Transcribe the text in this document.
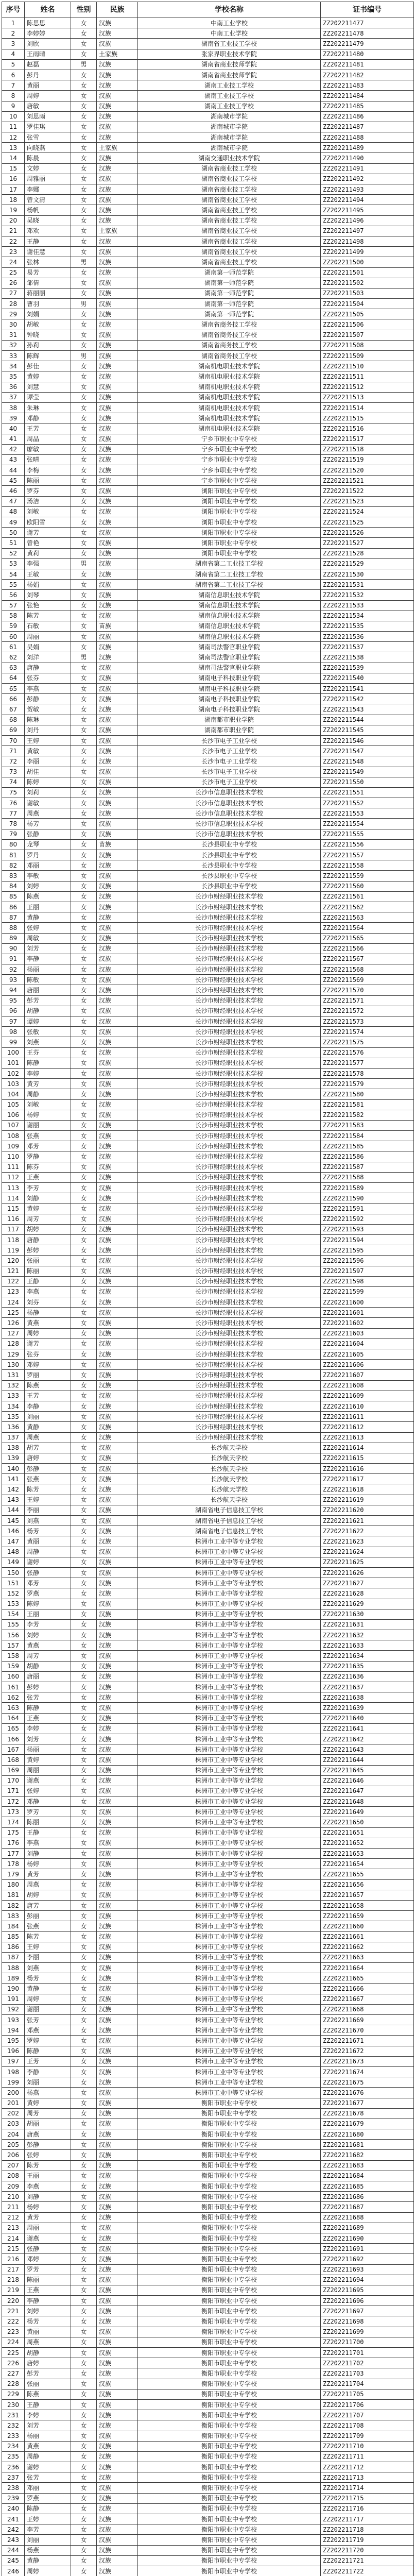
序号	姓名	性别	民族	学校名称	证书编号
1	陈思思	女	汉族	中南工业学校	ZZ202211477
2	李婷婷	女	汉族	中南工业学校	ZZ202211478
3	刘欣	女	汉族	湖南省工业技工学校	ZZ202211479
4	王雨晴	女	土家族	张家界职业技术学院	ZZ202211480
5	赵磊	男	汉族	湖南省商业技师学院	ZZ202211481
6	彭丹	女	汉族	湖南省商业技师学院	ZZ202211482
7	黄丽	女	汉族	湖南工业技工学校	ZZ202211483
8	周婷	女	汉族	湖南工业技工学校	ZZ202211484
9	唐敏	女	汉族	湖南工业技工学校	ZZ202211485
10	刘思雨	女	汉族	湖南城市学院	ZZ202211486
11	罗佳琪	女	汉族	湖南城市学院	ZZ202211487
12	张雪	女	汉族	湖南城市学院	ZZ202211488
13	向晓燕	女	土家族	湖南城市学院	ZZ202211489
14	陈晨	女	汉族	湖南交通职业技术学院	ZZ202211490
15	文婷	女	汉族	湖南省商业技工学校	ZZ202211491
16	周雅丽	女	汉族	湖南省商业技工学校	ZZ202211492
17	李娜	女	汉族	湖南省商业技工学校	ZZ202211493
18	曾文清	女	汉族	湖南省商业技工学校	ZZ202211494
19	杨帆	女	汉族	湖南省商业技工学校	ZZ202211495
20	吴晓	女	汉族	湖南省商业技工学校	ZZ202211496
21	邓欢	女	土家族	湖南省商业技工学校	ZZ202211497
22	王静	女	汉族	湖南省商业技工学校	ZZ202211498
23	谢佳慧	女	汉族	湖南省商业技工学校	ZZ202211499
24	张林	男	汉族	湖南省商业技工学校	ZZ202211500
25	易芳	女	汉族	湖南第一师范学院	ZZ202211501
26	邹倩	女	汉族	湖南第一师范学院	ZZ202211502
27	蒋丽丽	女	汉族	湖南第一师范学院	ZZ202211503
28	曹羽	男	汉族	湖南第一师范学院	ZZ202211504
29	刘娟	女	汉族	湖南第一师范学院	ZZ202211505
30	胡敏	女	汉族	湖南省商务技工学校	ZZ202211506
31	钟晓	女	汉族	湖南省商务技工学校	ZZ202211507
32	孙莉	女	汉族	湖南省商务技工学校	ZZ202211508
33	陈辉	男	汉族	湖南省商务技工学校	ZZ202211509
34	彭佳	女	汉族	湖南机电职业技术学院	ZZ202211510
35	黄婷	女	汉族	湖南机电职业技术学院	ZZ202211511
36	刘慧	女	汉族	湖南机电职业技术学院	ZZ202211512
37	谭莹	女	汉族	湖南机电职业技术学院	ZZ202211513
38	朱琳	女	汉族	湖南机电职业技术学院	ZZ202211514
39	邓静	女	汉族	湖南机电职业技术学院	ZZ202211515
40	王芳	女	汉族	湖南机电职业技术学院	ZZ202211516
41	周晶	女	汉族	宁乡市职业中专学校	ZZ202211517
42	廖敏	女	汉族	宁乡市职业中专学校	ZZ202211518
43	张晴	女	汉族	宁乡市职业中专学校	ZZ202211519
44	李梅	女	汉族	宁乡市职业中专学校	ZZ202211520
45	陈丽	女	汉族	宁乡市职业中专学校	ZZ202211521
46	罗芬	女	汉族	浏阳市职业中专学校	ZZ202211522
47	汤洁	女	汉族	浏阳市职业中专学校	ZZ202211523
48	刘敏	女	汉族	浏阳市职业中专学校	ZZ202211524
49	欧阳雪	女	汉族	浏阳市职业中专学校	ZZ202211525
50	谢芳	女	汉族	浏阳市职业中专学校	ZZ202211526
51	曾艳	女	汉族	浏阳市职业中专学校	ZZ202211527
52	黄莉	女	汉族	浏阳市职业中专学校	ZZ202211528
53	李强	男	汉族	湖南省第二工业技工学校	ZZ202211529
54	王敏	女	汉族	湖南省第二工业技工学校	ZZ202211530
55	杨娟	女	汉族	湖南省第二工业技工学校	ZZ202211531
56	刘琴	女	汉族	湖南信息职业技术学院	ZZ202211532
57	张艳	女	汉族	湖南信息职业技术学院	ZZ202211533
58	陈芳	女	汉族	湖南信息职业技术学院	ZZ202211534
59	石敏	女	苗族	湖南信息职业技术学院	ZZ202211535
60	周丽	女	汉族	湖南信息职业技术学院	ZZ202211536
61	吴娟	女	汉族	湖南司法警官职业学院	ZZ202211537
62	刘洋	男	汉族	湖南司法警官职业学院	ZZ202211538
63	唐静	女	汉族	湖南司法警官职业学院	ZZ202211539
64	张芬	女	汉族	湖南电子科技职业学院	ZZ202211540
65	李燕	女	汉族	湖南电子科技职业学院	ZZ202211541
66	彭静	女	汉族	湖南电子科技职业学院	ZZ202211542
67	贺敏	女	汉族	湖南电子科技职业学院	ZZ202211543
68	陈琳	女	汉族	湖南都市职业学院	ZZ202211544
69	刘丹	女	汉族	湖南都市职业学院	ZZ202211545
70	王婷	女	汉族	长沙市电子工业学校	ZZ202211546
71	黄敏	女	汉族	长沙市电子工业学校	ZZ202211547
72	李丽	女	汉族	长沙市电子工业学校	ZZ202211548
73	胡佳	女	汉族	长沙市电子工业学校	ZZ202211549
74	陈婷	女	汉族	长沙市电子工业学校	ZZ202211550
75	刘莉	女	汉族	长沙市信息职业技术学校	ZZ202211551
76	谢敏	女	汉族	长沙市信息职业技术学校	ZZ202211552
77	周燕	女	汉族	长沙市信息职业技术学校	ZZ202211553
78	杨芳	女	汉族	长沙市信息职业技术学校	ZZ202211554
79	张静	女	汉族	长沙市信息职业技术学校	ZZ202211555
80	龙琴	女	苗族	长沙县职业中专学校	ZZ202211556
81	罗丹	女	汉族	长沙县职业中专学校	ZZ202211557
82	邓丽	女	汉族	长沙县职业中专学校	ZZ202211558
83	李敏	女	汉族	长沙县职业中专学校	ZZ202211559
84	刘婷	女	汉族	长沙县职业中专学校	ZZ202211560
85	陈燕	女	汉族	长沙市财经职业技术学校	ZZ202211561
86	王丽	女	汉族	长沙市财经职业技术学校	ZZ202211562
87	黄静	女	汉族	长沙市财经职业技术学校	ZZ202211563
88	张婷	女	汉族	长沙市财经职业技术学校	ZZ202211564
89	周敏	女	汉族	长沙市财经职业技术学校	ZZ202211565
90	刘芳	女	汉族	长沙市财经职业技术学校	ZZ202211566
91	李静	女	汉族	长沙市财经职业技术学校	ZZ202211567
92	杨丽	女	汉族	长沙市财经职业技术学校	ZZ202211568
93	陈敏	女	汉族	长沙市财经职业技术学校	ZZ202211569
94	唐丽	女	汉族	长沙市财经职业技术学校	ZZ202211570
95	彭芳	女	汉族	长沙市财经职业技术学校	ZZ202211571
96	胡静	女	汉族	长沙市财经职业技术学校	ZZ202211572
97	谭婷	女	汉族	长沙市财经职业技术学校	ZZ202211573
98	张敏	女	汉族	长沙市财经职业技术学校	ZZ202211574
99	刘燕	女	汉族	长沙市财经职业技术学校	ZZ202211575
100	王芬	女	汉族	长沙市财经职业技术学校	ZZ202211576
101	陈静	女	汉族	长沙市财经职业技术学校	ZZ202211577
102	李婷	女	汉族	长沙市财经职业技术学校	ZZ202211578
103	黄芳	女	汉族	长沙市财经职业技术学校	ZZ202211579
104	周静	女	汉族	长沙市财经职业技术学校	ZZ202211580
105	刘敏	女	汉族	长沙市财经职业技术学校	ZZ202211581
106	杨婷	女	汉族	长沙市财经职业技术学校	ZZ202211582
107	谢丽	女	汉族	长沙市财经职业技术学校	ZZ202211583
108	张燕	女	汉族	长沙市财经职业技术学校	ZZ202211584
109	邓芳	女	汉族	长沙市财经职业技术学校	ZZ202211585
110	罗静	女	汉族	长沙市财经职业技术学校	ZZ202211586
111	陈芬	女	汉族	长沙市财经职业技术学校	ZZ202211587
112	王燕	女	汉族	长沙市财经职业技术学校	ZZ202211588
113	李芳	女	汉族	长沙市财经职业技术学校	ZZ202211589
114	刘静	女	汉族	长沙市财经职业技术学校	ZZ202211590
115	黄婷	女	汉族	长沙市财经职业技术学校	ZZ202211591
116	周芳	女	汉族	长沙市财经职业技术学校	ZZ202211592
117	胡婷	女	汉族	长沙市财经职业技术学校	ZZ202211593
118	唐静	女	汉族	长沙市财经职业技术学校	ZZ202211594
119	彭婷	女	汉族	长沙市财经职业技术学校	ZZ202211595
120	张丽	女	汉族	长沙市财经职业技术学校	ZZ202211596
121	陈丽	女	汉族	长沙市财经职业技术学校	ZZ202211597
122	王静	女	汉族	长沙市财经职业技术学校	ZZ202211598
123	李燕	女	汉族	长沙市财经职业技术学校	ZZ202211599
124	刘芬	女	汉族	长沙市财经职业技术学校	ZZ202211600
125	杨静	女	汉族	长沙市财经职业技术学校	ZZ202211601
126	黄燕	女	汉族	长沙市财经职业技术学校	ZZ202211602
127	周婷	女	汉族	长沙市财经职业技术学校	ZZ202211603
128	谢芳	女	汉族	长沙市财经职业技术学校	ZZ202211604
129	张芬	女	汉族	长沙市财经职业技术学校	ZZ202211605
130	邓婷	女	汉族	长沙市财经职业技术学校	ZZ202211606
131	罗丽	女	汉族	长沙市财经职业技术学校	ZZ202211607
132	陈燕	女	汉族	长沙市财经职业技术学校	ZZ202211608
133	王芳	女	汉族	长沙市财经职业技术学校	ZZ202211609
134	李静	女	汉族	长沙市财经职业技术学校	ZZ202211610
135	刘丽	女	汉族	长沙市财经职业技术学校	ZZ202211611
136	黄静	女	汉族	长沙市财经职业技术学校	ZZ202211612
137	周燕	女	汉族	长沙市财经职业技术学校	ZZ202211613
138	胡芳	女	汉族	长沙航天学校	ZZ202211614
139	唐婷	女	汉族	长沙航天学校	ZZ202211615
140	彭静	女	汉族	长沙航天学校	ZZ202211616
141	张燕	女	汉族	长沙航天学校	ZZ202211617
142	陈芳	女	汉族	长沙航天学校	ZZ202211618
143	王婷	女	汉族	长沙航天学校	ZZ202211619
144	李丽	女	汉族	湖南省电子信息技工学校	ZZ202211620
145	刘燕	女	汉族	湖南省电子信息技工学校	ZZ202211621
146	杨芳	女	汉族	湖南省电子信息技工学校	ZZ202211622
147	黄丽	女	汉族	株洲市工业中等专业学校	ZZ202211623
148	周静	女	汉族	株洲市工业中等专业学校	ZZ202211624
149	谢婷	女	汉族	株洲市工业中等专业学校	ZZ202211625
150	张静	女	汉族	株洲市工业中等专业学校	ZZ202211626
151	邓芳	女	汉族	株洲市工业中等专业学校	ZZ202211627
152	罗燕	女	汉族	株洲市工业中等专业学校	ZZ202211628
153	陈婷	女	汉族	株洲市工业中等专业学校	ZZ202211629
154	王丽	女	汉族	株洲市工业中等专业学校	ZZ202211630
155	李芳	女	汉族	株洲市工业中等专业学校	ZZ202211631
156	刘婷	女	汉族	株洲市工业中等专业学校	ZZ202211632
157	黄燕	女	汉族	株洲市工业中等专业学校	ZZ202211633
158	周芳	女	汉族	株洲市工业中等专业学校	ZZ202211634
159	胡静	女	汉族	株洲市工业中等专业学校	ZZ202211635
160	唐丽	女	汉族	株洲市工业中等专业学校	ZZ202211636
161	彭婷	女	汉族	株洲市工业中等专业学校	ZZ202211637
162	张芳	女	汉族	株洲市工业中等专业学校	ZZ202211638
163	陈静	女	汉族	株洲市工业中等专业学校	ZZ202211639
164	王燕	女	汉族	株洲市工业中等专业学校	ZZ202211640
165	李婷	女	汉族	株洲市工业中等专业学校	ZZ202211641
166	刘芳	女	汉族	株洲市工业中等专业学校	ZZ202211642
167	杨丽	女	汉族	株洲市工业中等专业学校	ZZ202211643
168	黄婷	女	汉族	株洲市工业中等专业学校	ZZ202211644
169	周丽	女	汉族	株洲市工业中等专业学校	ZZ202211645
170	谢燕	女	汉族	株洲市工业中等专业学校	ZZ202211646
171	张婷	女	汉族	株洲市工业中等专业学校	ZZ202211647
172	邓静	女	汉族	株洲市工业中等专业学校	ZZ202211648
173	罗芳	女	汉族	株洲市工业中等专业学校	ZZ202211649
174	陈丽	女	汉族	株洲市工业中等专业学校	ZZ202211650
175	王静	女	汉族	株洲市工业中等专业学校	ZZ202211651
176	李燕	女	汉族	株洲市工业中等专业学校	ZZ202211652
177	刘静	女	汉族	株洲市工业中等专业学校	ZZ202211653
178	杨婷	女	汉族	株洲市工业中等专业学校	ZZ202211654
179	黄芳	女	汉族	株洲市工业中等专业学校	ZZ202211655
180	周燕	女	汉族	株洲市工业中等专业学校	ZZ202211656
181	胡婷	女	汉族	株洲市工业中等专业学校	ZZ202211657
182	唐芳	女	汉族	株洲市工业中等专业学校	ZZ202211658
183	彭丽	女	汉族	株洲市工业中等专业学校	ZZ202211659
184	张燕	女	汉族	株洲市工业中等专业学校	ZZ202211660
185	陈芳	女	汉族	株洲市工业中等专业学校	ZZ202211661
186	王婷	女	汉族	株洲市工业中等专业学校	ZZ202211662
187	李丽	女	汉族	株洲市工业中等专业学校	ZZ202211663
188	刘燕	女	汉族	株洲市工业中等专业学校	ZZ202211664
189	杨芳	女	汉族	株洲市工业中等专业学校	ZZ202211665
190	黄静	女	汉族	株洲市工业中等专业学校	ZZ202211666
191	周婷	女	汉族	株洲市工业中等专业学校	ZZ202211667
192	谢丽	女	汉族	株洲市工业中等专业学校	ZZ202211668
193	张芳	女	汉族	株洲市工业中等专业学校	ZZ202211669
194	邓燕	女	汉族	株洲市工业中等专业学校	ZZ202211670
195	罗婷	女	汉族	株洲市工业中等专业学校	ZZ202211671
196	陈静	女	汉族	株洲市工业中等专业学校	ZZ202211672
197	王芳	女	汉族	株洲市工业中等专业学校	ZZ202211673
198	李静	女	汉族	株洲市工业中等专业学校	ZZ202211674
199	刘丽	女	汉族	株洲市工业中等专业学校	ZZ202211675
200	杨燕	女	汉族	株洲市工业中等专业学校	ZZ202211676
201	黄婷	女	汉族	衡阳市职业中专学校	ZZ202211677
202	周芳	女	汉族	衡阳市职业中专学校	ZZ202211678
203	胡丽	女	汉族	衡阳市职业中专学校	ZZ202211679
204	唐燕	女	汉族	衡阳市职业中专学校	ZZ202211680
205	彭静	女	汉族	衡阳市职业中专学校	ZZ202211681
206	张婷	女	汉族	衡阳市职业中专学校	ZZ202211682
207	陈芳	女	汉族	衡阳市职业中专学校	ZZ202211683
208	王丽	女	汉族	衡阳市职业中专学校	ZZ202211684
209	李燕	女	汉族	衡阳市职业中专学校	ZZ202211685
210	刘静	女	汉族	衡阳市职业中专学校	ZZ202211686
211	杨婷	女	汉族	衡阳市职业中专学校	ZZ202211687
212	黄芳	女	汉族	衡阳市职业中专学校	ZZ202211688
213	周丽	女	汉族	衡阳市职业中专学校	ZZ202211689
214	谢燕	女	汉族	衡阳市职业中专学校	ZZ202211690
215	张静	女	汉族	衡阳市职业中专学校	ZZ202211691
216	邓婷	女	汉族	衡阳市职业中专学校	ZZ202211692
217	罗芳	女	汉族	衡阳市职业中专学校	ZZ202211693
218	陈丽	女	汉族	衡阳市职业中专学校	ZZ202211694
219	王燕	女	汉族	衡阳市职业中专学校	ZZ202211695
220	李静	女	汉族	衡阳市职业中专学校	ZZ202211696
221	刘婷	女	汉族	衡阳市职业中专学校	ZZ202211697
222	杨芳	女	汉族	衡阳市职业中专学校	ZZ202211698
223	黄丽	女	汉族	衡阳市职业中专学校	ZZ202211699
224	周燕	女	汉族	衡阳市职业中专学校	ZZ202211700
225	胡静	女	汉族	衡阳市职业中专学校	ZZ202211701
226	唐婷	女	汉族	衡阳市职业中专学校	ZZ202211702
227	彭芳	女	汉族	衡阳市职业中专学校	ZZ202211703
228	张丽	女	汉族	衡阳市职业中专学校	ZZ202211704
229	陈燕	女	汉族	衡阳市职业中专学校	ZZ202211705
230	王静	女	汉族	衡阳市职业中专学校	ZZ202211706
231	李婷	女	汉族	衡阳市职业中专学校	ZZ202211707
232	刘芳	女	汉族	衡阳市职业中专学校	ZZ202211708
233	杨丽	女	汉族	衡阳市职业中专学校	ZZ202211709
234	黄燕	女	汉族	衡阳市职业中专学校	ZZ202211710
235	周静	女	汉族	衡阳市职业中专学校	ZZ202211711
236	谢婷	女	汉族	衡阳市职业中专学校	ZZ202211712
237	张芳	女	汉族	衡阳市职业中专学校	ZZ202211713
238	邓丽	女	汉族	衡阳市职业中专学校	ZZ202211714
239	罗燕	女	汉族	衡阳市职业中专学校	ZZ202211715
240	陈静	女	汉族	衡阳市职业中专学校	ZZ202211716
241	王婷	女	汉族	衡阳市职业中专学校	ZZ202211717
242	李芳	女	汉族	衡阳市职业中专学校	ZZ202211718
243	刘丽	女	汉族	衡阳市职业中专学校	ZZ202211719
244	杨燕	女	汉族	衡阳市职业中专学校	ZZ202211720
245	黄静	女	汉族	衡阳市职业中专学校	ZZ202211721
246	周婷	女	汉族	衡阳市职业中专学校	ZZ202211722
